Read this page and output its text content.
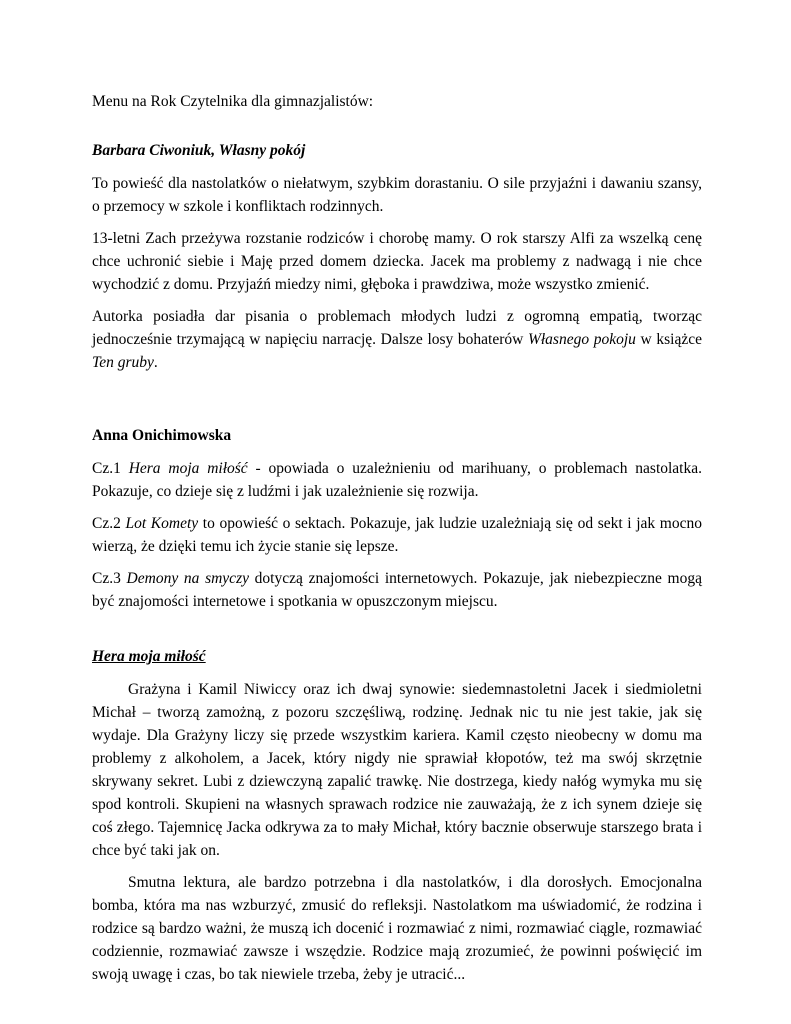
Menu na Rok Czytelnika dla gimnazjalistów:

Barbara Ciwoniuk, Własny pokój

To powieść dla nastolatków o niełatwym, szybkim dorastaniu. O sile przyjaźni i dawaniu szansy, o przemocy w szkole i konfliktach rodzinnych.

13-letni Zach przeżywa rozstanie rodziców i chorobę mamy. O rok starszy Alfi za wszelką cenę chce uchronić siebie i Maję przed domem dziecka. Jacek ma problemy z nadwagą i nie chce wychodzić z domu. Przyjaźń miedzy nimi, głęboka i prawdziwa, może wszystko zmienić.

Autorka posiadła dar pisania o problemach młodych ludzi z ogromną empatią, tworząc jednocześnie trzymającą w napięciu narrację. Dalsze losy bohaterów Własnego pokoju w książce Ten gruby.

Anna Onichimowska

Cz.1 Hera moja miłość - opowiada o uzależnieniu od marihuany, o problemach nastolatka. Pokazuje, co dzieje się z ludźmi i jak uzależnienie się rozwija.

Cz.2 Lot Komety to opowieść o sektach. Pokazuje, jak ludzie uzależniają się od sekt i jak mocno wierzą, że dzięki temu ich życie stanie się lepsze.

Cz.3 Demony na smyczy dotyczą znajomości internetowych. Pokazuje, jak niebezpieczne mogą być znajomości internetowe i spotkania w opuszczonym miejscu.

Hera moja miłość

Grażyna i Kamil Niwiccy oraz ich dwaj synowie: siedemnastoletni Jacek i siedmioletni Michał – tworzą zamożną, z pozoru szczęśliwą, rodzinę. Jednak nic tu nie jest takie, jak się wydaje. Dla Grażyny liczy się przede wszystkim kariera. Kamil często nieobecny w domu ma problemy z alkoholem, a Jacek, który nigdy nie sprawiał kłopotów, też ma swój skrzętnie skrywany sekret. Lubi z dziewczyną zapalić trawkę. Nie dostrzega, kiedy nałóg wymyka mu się spod kontroli. Skupieni na własnych sprawach rodzice nie zauważają, że z ich synem dzieje się coś złego. Tajemnicę Jacka odkrywa za to mały Michał, który bacznie obserwuje starszego brata i chce być taki jak on.

Smutna lektura, ale bardzo potrzebna i dla nastolatków, i dla dorosłych. Emocjonalna bomba, która ma nas wzburzyć, zmusić do refleksji. Nastolatkom ma uświadomić, że rodzina i rodzice są bardzo ważni, że muszą ich docenić i rozmawiać z nimi, rozmawiać ciągle, rozmawiać codziennie, rozmawiać zawsze i wszędzie. Rodzice mają zrozumieć, że powinni poświęcić im swoją uwagę i czas, bo tak niewiele trzeba, żeby je utracić...
